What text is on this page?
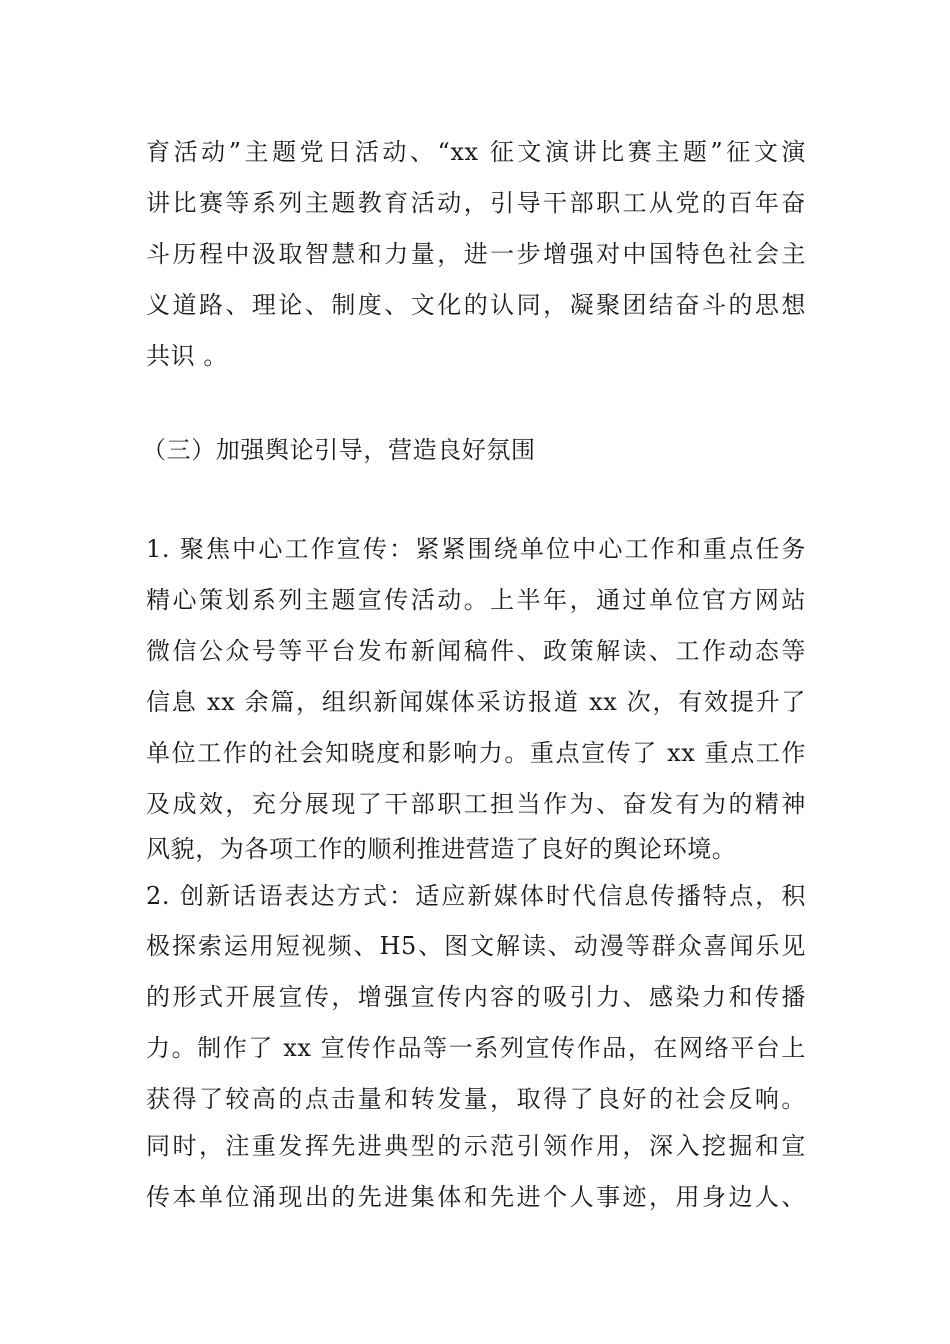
育活动”主题党日活动、“xx 征文演讲比赛主题”征文演
讲比赛等系列主题教育活动，引导干部职工从党的百年奋
斗历程中汲取智慧和力量，进一步增强对中国特色社会主
义道路、理论、制度、文化的认同，凝聚团结奋斗的思想
共识 。
（三）加强舆论引导，营造良好氛围
1. 聚焦中心工作宣传：紧紧围绕单位中心工作和重点任务
精心策划系列主题宣传活动。上半年，通过单位官方网站
微信公众号等平台发布新闻稿件、政策解读、工作动态等
信息 xx 余篇，组织新闻媒体采访报道 xx 次，有效提升了
单位工作的社会知晓度和影响力。重点宣传了 xx 重点工作
及成效，充分展现了干部职工担当作为、奋发有为的精神
风貌，为各项工作的顺利推进营造了良好的舆论环境。
2. 创新话语表达方式：适应新媒体时代信息传播特点，积
极探索运用短视频、H5、图文解读、动漫等群众喜闻乐见
的形式开展宣传，增强宣传内容的吸引力、感染力和传播
力。制作了 xx 宣传作品等一系列宣传作品，在网络平台上
获得了较高的点击量和转发量，取得了良好的社会反响。
同时，注重发挥先进典型的示范引领作用，深入挖掘和宣
传本单位涌现出的先进集体和先进个人事迹，用身边人、
